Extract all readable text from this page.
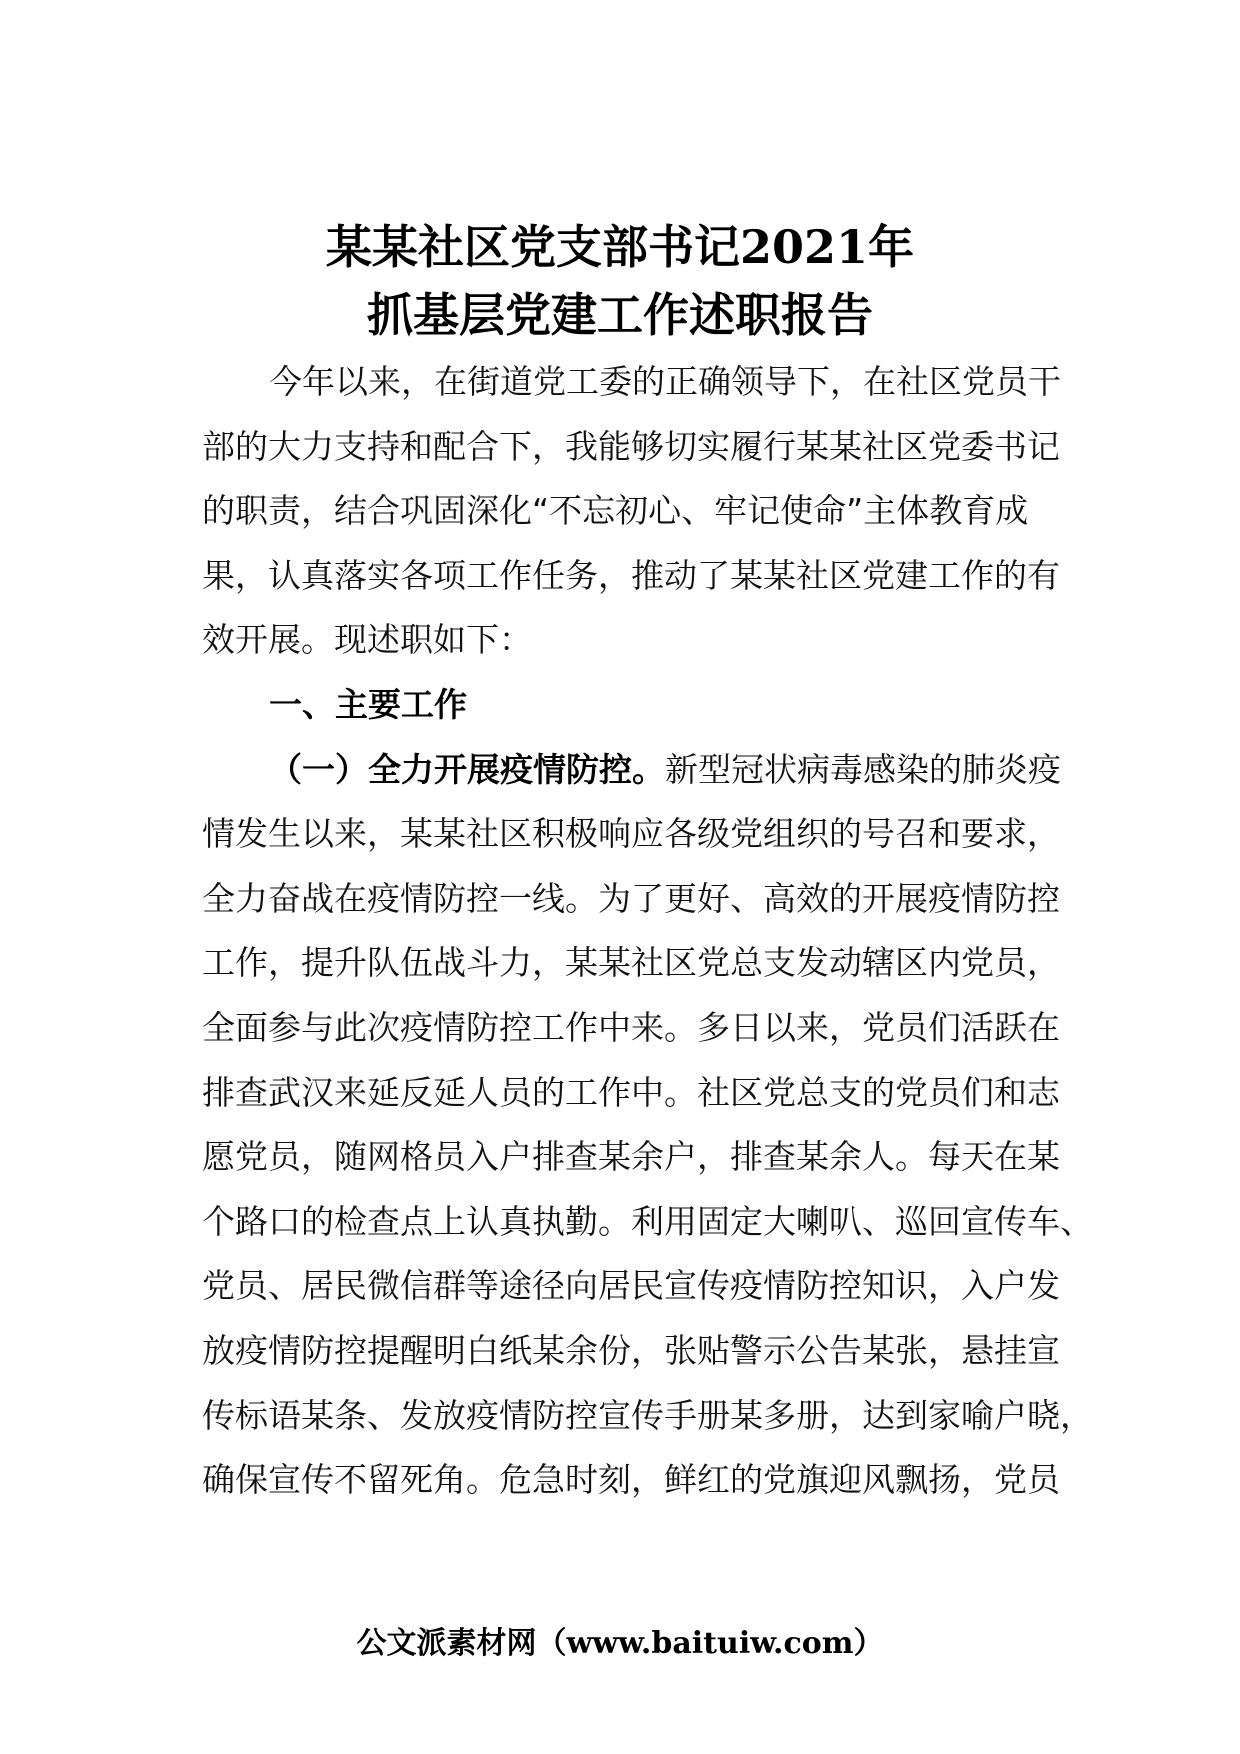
某某社区党支部书记2021年
抓基层党建工作述职报告
今年以来，在街道党工委的正确领导下，在社区党员干
部的大力支持和配合下，我能够切实履行某某社区党委书记
的职责，结合巩固深化“不忘初心、牢记使命”主体教育成
果，认真落实各项工作任务，推动了某某社区党建工作的有
效开展。现述职如下：
一、主要工作
（一）全力开展疫情防控。新型冠状病毒感染的肺炎疫
情发生以来，某某社区积极响应各级党组织的号召和要求，
全力奋战在疫情防控一线。为了更好、高效的开展疫情防控
工作，提升队伍战斗力，某某社区党总支发动辖区内党员，
全面参与此次疫情防控工作中来。多日以来，党员们活跃在
排查武汉来延反延人员的工作中。社区党总支的党员们和志
愿党员，随网格员入户排查某余户，排查某余人。每天在某
个路口的检查点上认真执勤。利用固定大喇叭、巡回宣传车、
党员、居民微信群等途径向居民宣传疫情防控知识，入户发
放疫情防控提醒明白纸某余份，张贴警示公告某张，悬挂宣
传标语某条、发放疫情防控宣传手册某多册，达到家喻户晓，
确保宣传不留死角。危急时刻，鲜红的党旗迎风飘扬，党员
公文派素材网（www.baituiw.com）
